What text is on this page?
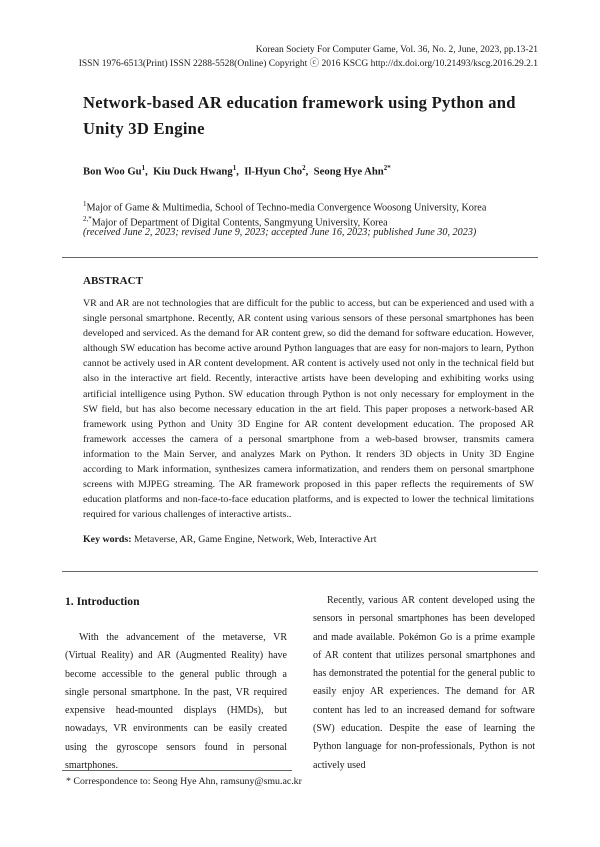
Korean Society For Computer Game, Vol. 36, No. 2, June, 2023, pp.13-21
ISSN 1976-6513(Print) ISSN 2288-5528(Online) Copyright ⓒ 2016 KSCG http://dx.doi.org/10.21493/kscg.2016.29.2.1
Network-based AR education framework using Python and Unity 3D Engine
Bon Woo Gu$^1$,  Kiu Duck Hwang$^1$,  Il-Hyun Cho$^2$,  Seong Hye Ahn$^{2*}$
$^1$Major of Game & Multimedia, School of Techno-media Convergence Woosong University, Korea
$^{2,*}$Major of Department of Digital Contents, Sangmyung University, Korea
(received June 2, 2023; revised June 9, 2023; accepted June 16, 2023; published June 30, 2023)
ABSTRACT
VR and AR are not technologies that are difficult for the public to access, but can be experienced and used with a single personal smartphone. Recently, AR content using various sensors of these personal smartphones has been developed and serviced. As the demand for AR content grew, so did the demand for software education. However, although SW education has become active around Python languages that are easy for non-majors to learn, Python cannot be actively used in AR content development. AR content is actively used not only in the technical field but also in the interactive art field. Recently, interactive artists have been developing and exhibiting works using artificial intelligence using Python. SW education through Python is not only necessary for employment in the SW field, but has also become necessary education in the art field. This paper proposes a network-based AR framework using Python and Unity 3D Engine for AR content development education. The proposed AR framework accesses the camera of a personal smartphone from a web-based browser, transmits camera information to the Main Server, and analyzes Mark on Python. It renders 3D objects in Unity 3D Engine according to Mark information, synthesizes camera informatization, and renders them on personal smartphone screens with MJPEG streaming. The AR framework proposed in this paper reflects the requirements of SW education platforms and non-face-to-face education platforms, and is expected to lower the technical limitations required for various challenges of interactive artists..
Key words: Metaverse, AR, Game Engine, Network, Web, Interactive Art
1. Introduction
With the advancement of the metaverse, VR (Virtual Reality) and AR (Augmented Reality) have become accessible to the general public through a single personal smartphone. In the past, VR required expensive head-mounted displays (HMDs), but nowadays, VR environments can be easily created using the gyroscope sensors found in personal smartphones.
Recently, various AR content developed using the sensors in personal smartphones has been developed and made available. Pokémon Go is a prime example of AR content that utilizes personal smartphones and has demonstrated the potential for the general public to easily enjoy AR experiences. The demand for AR content has led to an increased demand for software (SW) education. Despite the ease of learning the Python language for non-professionals, Python is not actively used
* Correspondence to: Seong Hye Ahn, ramsuny@smu.ac.kr
